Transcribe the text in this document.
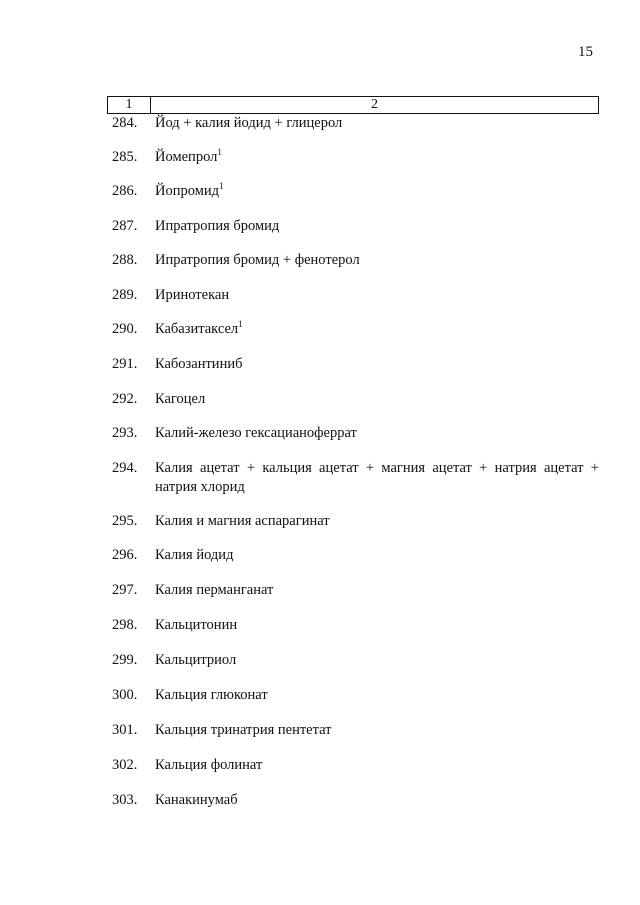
15
1	2
284.	Йод + калия йодид + глицерол
285.	Йомепрол$^1$
286.	Йопромид$^1$
287.	Ипратропия бромид
288.	Ипратропия бромид + фенотерол
289.	Иринотекан
290.	Кабазитаксел$^1$
291.	Кабозантиниб
292.	Кагоцел
293.	Калий-железо гексацианоферрат
294.	Калия ацетат + кальция ацетат + магния ацетат + натрия ацетат + натрия хлорид
295.	Калия и магния аспарагинат
296.	Калия йодид
297.	Калия перманганат
298.	Кальцитонин
299.	Кальцитриол
300.	Кальция глюконат
301.	Кальция тринатрия пентетат
302.	Кальция фолинат
303.	Канакинумаб
